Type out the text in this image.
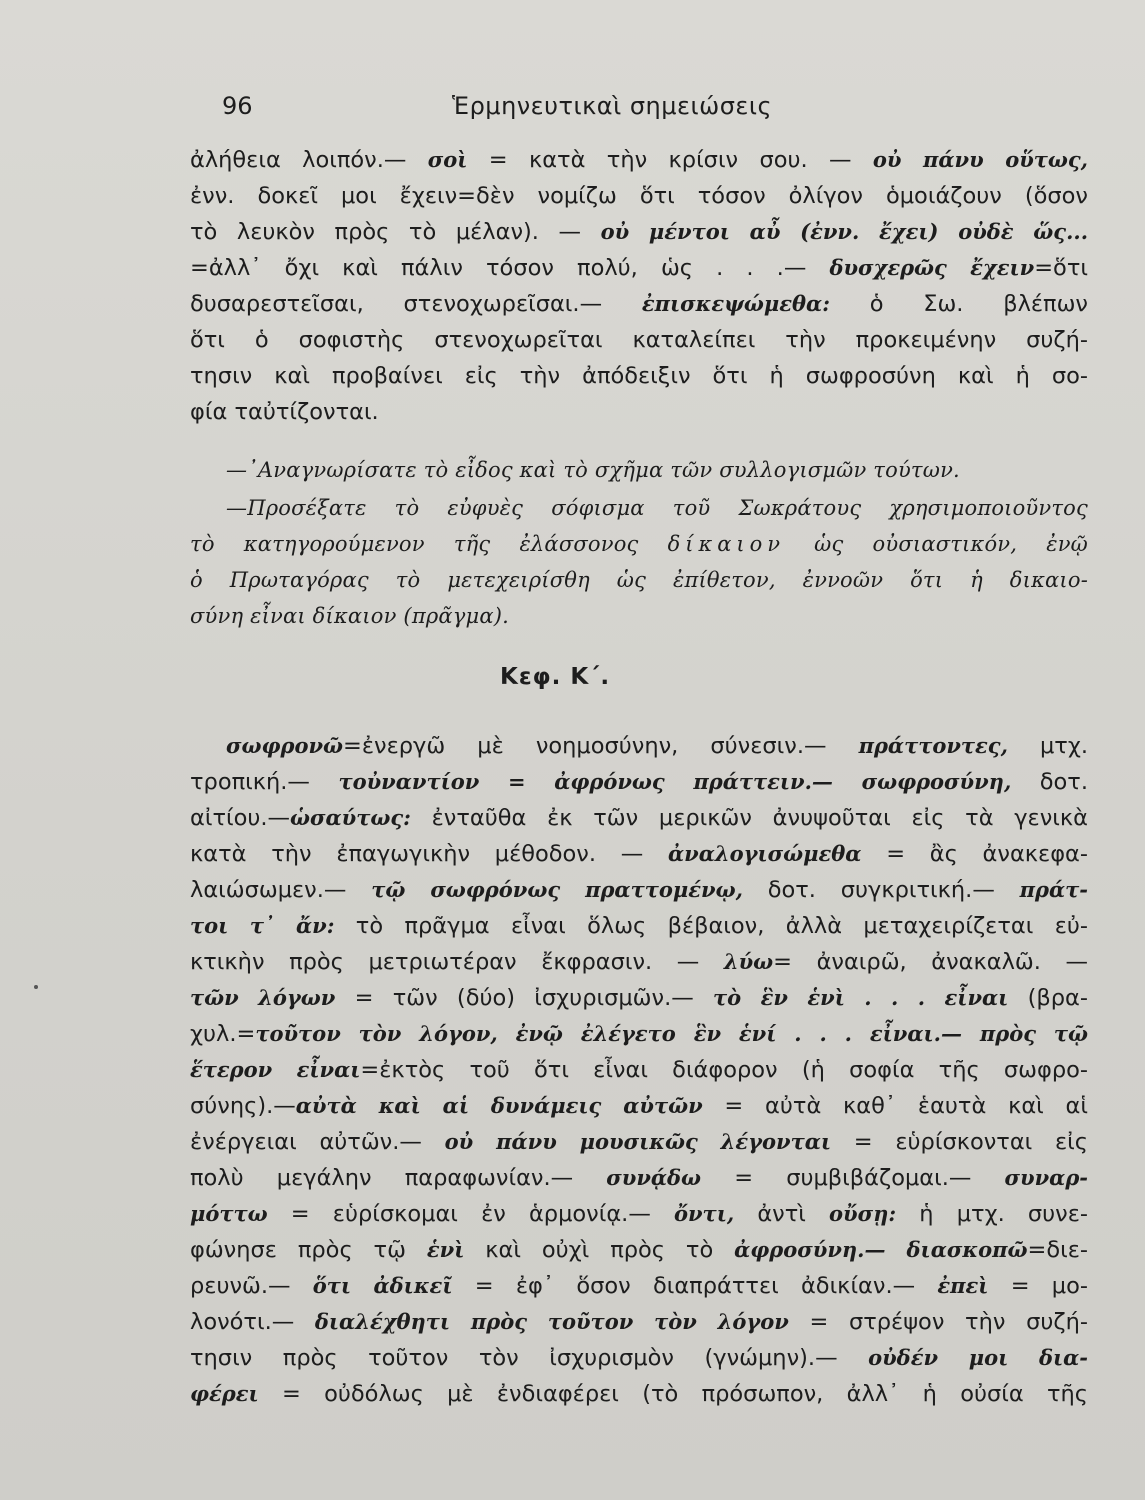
96	Ἑρμηνευτικαὶ σημειώσεις
ἀλήθεια λοιπόν.— σοὶ = κατὰ τὴν κρίσιν σου. — οὐ πάνυ οὕτως,
ἐνν. δοκεῖ μοι ἔχειν=δὲν νομίζω ὅτι τόσον ὀλίγον ὁμοιάζουν (ὅσον
τὸ λευκὸν πρὸς τὸ μέλαν). — οὐ μέντοι αὖ (ἐνν. ἔχει) οὐδὲ ὥς...
=ἀλλ᾽ ὄχι καὶ πάλιν τόσον πολύ, ὡς . . .— δυσχερῶς ἔχειν=ὅτι
δυσαρεστεῖσαι, στενοχωρεῖσαι.— ἐπισκεψώμεθα: ὁ Σω. βλέπων
ὅτι ὁ σοφιστὴς στενοχωρεῖται καταλείπει τὴν προκειμένην συζή-
τησιν καὶ προβαίνει εἰς τὴν ἀπόδειξιν ὅτι ἡ σωφροσύνη καὶ ἡ σο-
φία ταὐτίζονται.
—᾿Αναγνωρίσατε τὸ εἶδος καὶ τὸ σχῆμα τῶν συλλογισμῶν τούτων.
—Προσέξατε τὸ εὐφυὲς σόφισμα τοῦ Σωκράτους χρησιμοποιοῦντος
τὸ κατηγορούμενον τῆς ἐλάσσονος δίκαιον ὡς οὐσιαστικόν, ἐνῷ
ὁ Πρωταγόρας τὸ μετεχειρίσθη ὡς ἐπίθετον, ἐννοῶν ὅτι ἡ δικαιο-
σύνη εἶναι δίκαιον (πρᾶγμα).
Κεφ. Κ΄.
σωφρονῶ=ἐνεργῶ μὲ νοημοσύνην, σύνεσιν.— πράττοντες, μτχ.
τροπική.— τοὐναντίον = ἀφρόνως πράττειν.— σωφροσύνη, δοτ.
αἰτίου.—ὡσαύτως: ἐνταῦθα ἐκ τῶν μερικῶν ἀνυψοῦται εἰς τὰ γενικὰ
κατὰ τὴν ἐπαγωγικὴν μέθοδον. — ἀναλογισώμεθα = ἂς ἀνακεφα-
λαιώσωμεν.— τῷ σωφρόνως πραττομένῳ, δοτ. συγκριτική.— πράτ-
τοι τ᾽ ἄν: τὸ πρᾶγμα εἶναι ὅλως βέβαιον, ἀλλὰ μεταχειρίζεται εὐ-
κτικὴν πρὸς μετριωτέραν ἔκφρασιν. — λύω= ἀναιρῶ, ἀνακαλῶ. —
τῶν λόγων = τῶν (δύο) ἰσχυρισμῶν.— τὸ ἓν ἑνὶ . . . εἶναι (βρα-
χυλ.=τοῦτον τὸν λόγον, ἐνῷ ἐλέγετο ἓν ἑνί . . . εἶναι.— πρὸς τῷ
ἕτερον εἶναι=ἐκτὸς τοῦ ὅτι εἶναι διάφορον (ἡ σοφία τῆς σωφρο-
σύνης).—αὐτὰ καὶ αἱ δυνάμεις αὐτῶν = αὐτὰ καθ᾽ ἑαυτὰ καὶ αἱ
ἐνέργειαι αὐτῶν.— οὐ πάνυ μουσικῶς λέγονται = εὑρίσκονται εἰς
πολὺ μεγάλην παραφωνίαν.— συνᾴδω = συμβιβάζομαι.— συναρ-
μόττω = εὑρίσκομαι ἐν ἁρμονίᾳ.— ὄντι, ἀντὶ οὔσῃ: ἡ μτχ. συνε-
φώνησε πρὸς τῷ ἑνὶ καὶ οὐχὶ πρὸς τὸ ἀφροσύνη.— διασκοπῶ=διε-
ρευνῶ.— ὅτι ἀδικεῖ = ἐφ᾽ ὅσον διαπράττει ἀδικίαν.— ἐπεὶ = μο-
λονότι.— διαλέχθητι πρὸς τοῦτον τὸν λόγον = στρέψον τὴν συζή-
τησιν πρὸς τοῦτον τὸν ἰσχυρισμὸν (γνώμην).— οὐδέν μοι δια-
φέρει = οὐδόλως μὲ ἐνδιαφέρει (τὸ πρόσωπον, ἀλλ᾽ ἡ οὐσία τῆς
